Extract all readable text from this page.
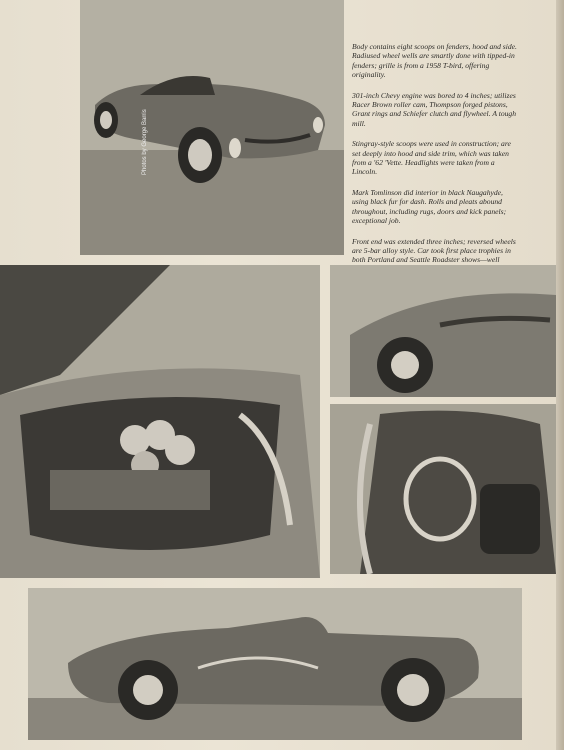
Photos by George Barris

Body contains eight scoops on fenders, hood and side. Radiused wheel wells are smartly done with tipped-in fenders; grille is from a 1958 T-bird, offering originality.

301-inch Chevy engine was bored to 4 inches; utilizes Racer Brown roller cam, Thompson forged pistons, Grant rings and Schiefer clutch and flywheel. A tough mill.

Stingray-style scoops were used in construction; are set deeply into hood and side trim, which was taken from a '62 'Vette. Headlights were taken from a Lincoln.

Mark Tomlinson did interior in black Naugahyde, using black fur for dash. Rolls and pleats abound throughout, including rugs, doors and kick panels; exceptional job.

Front end was extended three inches; reversed wheels are 5-bar alloy style. Car took first place trophies in both Portland and Seattle Roadster shows—well
